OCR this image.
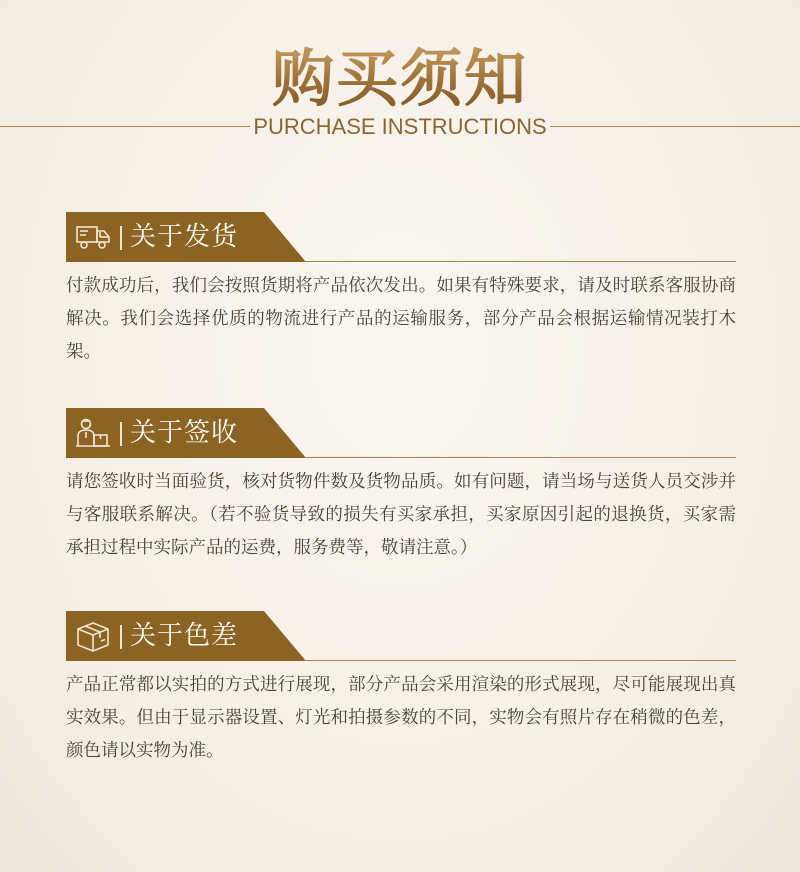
购买须知
PURCHASE INSTRUCTIONS
关于发货
付款成功后，我们会按照货期将产品依次发出。如果有特殊要求，请及时联系客服协商解决。我们会选择优质的物流进行产品的运输服务，部分产品会根据运输情况装打木架。
关于签收
请您签收时当面验货，核对货物件数及货物品质。如有问题，请当场与送货人员交涉并与客服联系解决。（若不验货导致的损失有买家承担，买家原因引起的退换货，买家需承担过程中实际产品的运费，服务费等，敬请注意。）
关于色差
产品正常都以实拍的方式进行展现，部分产品会采用渲染的形式展现，尽可能展现出真实效果。但由于显示器设置、灯光和拍摄参数的不同，实物会有照片存在稍微的色差，颜色请以实物为准。
